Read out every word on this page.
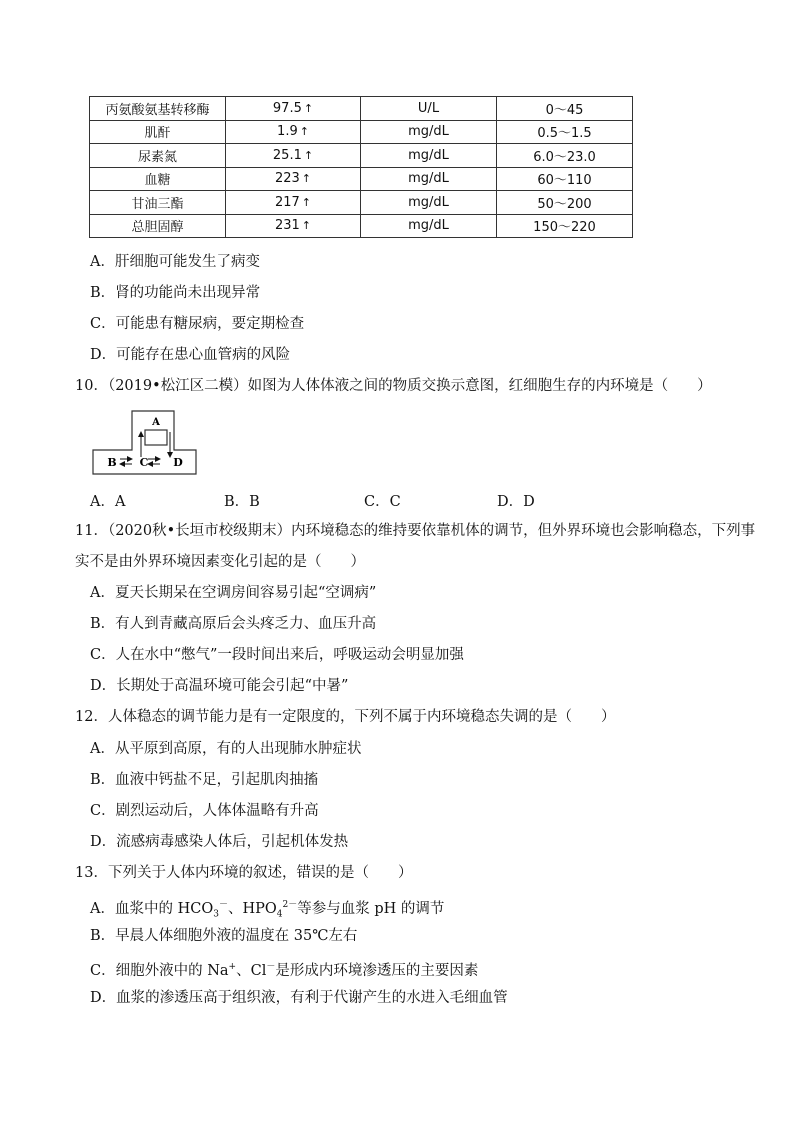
丙氨酸氨基转移酶	97.5 ↑	U/L	0～45
肌酐	1.9 ↑	mg/dL	0.5～1.5
尿素氮	25.1 ↑	mg/dL	6.0～23.0
血糖	223 ↑	mg/dL	60～110
甘油三酯	217 ↑	mg/dL	50～200
总胆固醇	231 ↑	mg/dL	150～220
A．肝细胞可能发生了病变
B．肾的功能尚未出现异常
C．可能患有糖尿病，要定期检查
D．可能存在患心血管病的风险
10．（2019•松江区二模）如图为人体体液之间的物质交换示意图，红细胞生存的内环境是（　　）
A
B C D
A．A	B．B	C．C	D．D
11．（2020秋•长垣市校级期末）内环境稳态的维持要依靠机体的调节，但外界环境也会影响稳态，下列事
实不是由外界环境因素变化引起的是（　　）
A．夏天长期呆在空调房间容易引起“空调病”
B．有人到青藏高原后会头疼乏力、血压升高
C．人在水中“憋气”一段时间出来后，呼吸运动会明显加强
D．长期处于高温环境可能会引起“中暑”
12．人体稳态的调节能力是有一定限度的，下列不属于内环境稳态失调的是（　　）
A．从平原到高原，有的人出现肺水肿症状
B．血液中钙盐不足，引起肌肉抽搐
C．剧烈运动后，人体体温略有升高
D．流感病毒感染人体后，引起机体发热
13．下列关于人体内环境的叙述，错误的是（　　）
A．血浆中的 $HCO_3^-$、$HPO_4^{2-}$等参与血浆 pH 的调节
B．早晨人体细胞外液的温度在 35℃左右
C．细胞外液中的 Na+、Cl－是形成内环境渗透压的主要因素
D．血浆的渗透压高于组织液，有利于代谢产生的水进入毛细血管
